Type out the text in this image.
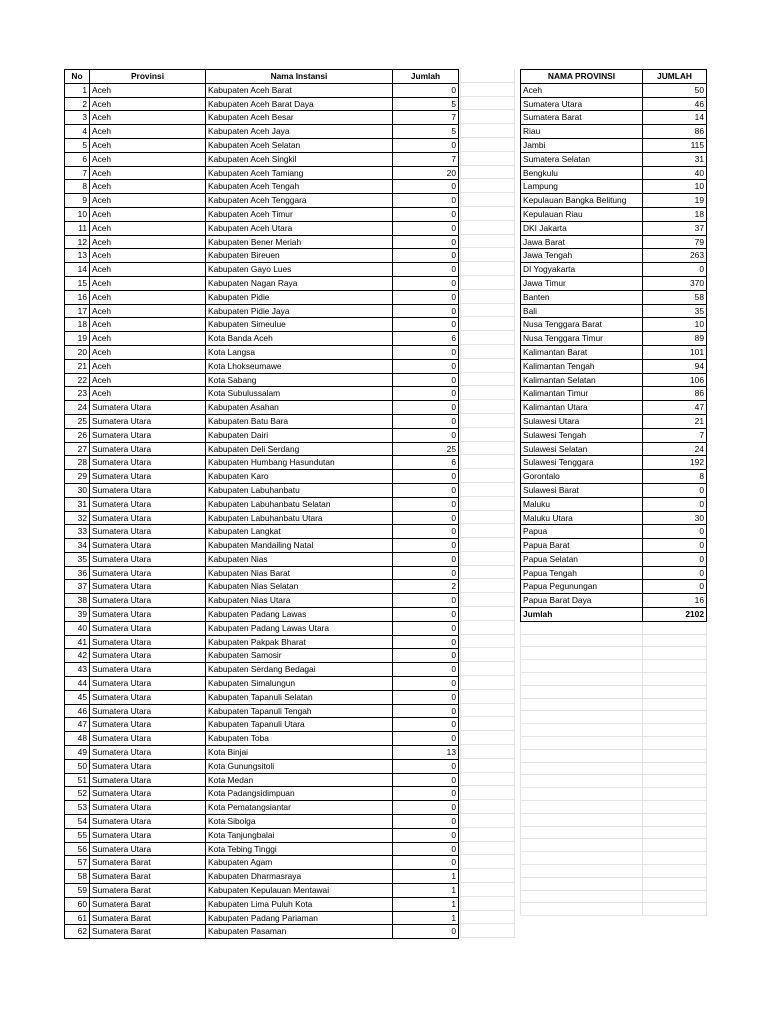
No	Provinsi	Nama Instansi	Jumlah
1	Aceh	Kabupaten Aceh Barat	0
2	Aceh	Kabupaten Aceh Barat Daya	5
3	Aceh	Kabupaten Aceh Besar	7
4	Aceh	Kabupaten Aceh Jaya	5
5	Aceh	Kabupaten Aceh Selatan	0
6	Aceh	Kabupaten Aceh Singkil	7
7	Aceh	Kabupaten Aceh Tamiang	20
8	Aceh	Kabupaten Aceh Tengah	0
9	Aceh	Kabupaten Aceh Tenggara	0
10	Aceh	Kabupaten Aceh Timur	0
11	Aceh	Kabupaten Aceh Utara	0
12	Aceh	Kabupaten Bener Meriah	0
13	Aceh	Kabupaten Bireuen	0
14	Aceh	Kabupaten Gayo Lues	0
15	Aceh	Kabupaten Nagan Raya	0
16	Aceh	Kabupaten Pidie	0
17	Aceh	Kabupaten Pidie Jaya	0
18	Aceh	Kabupaten Simeulue	0
19	Aceh	Kota Banda Aceh	6
20	Aceh	Kota Langsa	0
21	Aceh	Kota Lhokseumawe	0
22	Aceh	Kota Sabang	0
23	Aceh	Kota Subulussalam	0
24	Sumatera Utara	Kabupaten Asahan	0
25	Sumatera Utara	Kabupaten Batu Bara	0
26	Sumatera Utara	Kabupaten Dairi	0
27	Sumatera Utara	Kabupaten Deli Serdang	25
28	Sumatera Utara	Kabupaten Humbang Hasundutan	6
29	Sumatera Utara	Kabupaten Karo	0
30	Sumatera Utara	Kabupaten Labuhanbatu	0
31	Sumatera Utara	Kabupaten Labuhanbatu Selatan	0
32	Sumatera Utara	Kabupaten Labuhanbatu Utara	0
33	Sumatera Utara	Kabupaten Langkat	0
34	Sumatera Utara	Kabupaten Mandailing Natal	0
35	Sumatera Utara	Kabupaten Nias	0
36	Sumatera Utara	Kabupaten Nias Barat	0
37	Sumatera Utara	Kabupaten Nias Selatan	2
38	Sumatera Utara	Kabupaten Nias Utara	0
39	Sumatera Utara	Kabupaten Padang Lawas	0
40	Sumatera Utara	Kabupaten Padang Lawas Utara	0
41	Sumatera Utara	Kabupaten Pakpak Bharat	0
42	Sumatera Utara	Kabupaten Samosir	0
43	Sumatera Utara	Kabupaten Serdang Bedagai	0
44	Sumatera Utara	Kabupaten Simalungun	0
45	Sumatera Utara	Kabupaten Tapanuli Selatan	0
46	Sumatera Utara	Kabupaten Tapanuli Tengah	0
47	Sumatera Utara	Kabupaten Tapanuli Utara	0
48	Sumatera Utara	Kabupaten Toba	0
49	Sumatera Utara	Kota Binjai	13
50	Sumatera Utara	Kota Gunungsitoli	0
51	Sumatera Utara	Kota Medan	0
52	Sumatera Utara	Kota Padangsidimpuan	0
53	Sumatera Utara	Kota Pematangsiantar	0
54	Sumatera Utara	Kota Sibolga	0
55	Sumatera Utara	Kota Tanjungbalai	0
56	Sumatera Utara	Kota Tebing Tinggi	0
57	Sumatera Barat	Kabupaten Agam	0
58	Sumatera Barat	Kabupaten Dharmasraya	1
59	Sumatera Barat	Kabupaten Kepulauan Mentawai	1
60	Sumatera Barat	Kabupaten Lima Puluh Kota	1
61	Sumatera Barat	Kabupaten Padang Pariaman	1
62	Sumatera Barat	Kabupaten Pasaman	0
NAMA PROVINSI	JUMLAH
Aceh	50
Sumatera Utara	46
Sumatera Barat	14
Riau	86
Jambi	115
Sumatera Selatan	31
Bengkulu	40
Lampung	10
Kepulauan Bangka Belitung	19
Kepulauan Riau	18
DKI Jakarta	37
Jawa Barat	79
Jawa Tengah	263
DI Yogyakarta	0
Jawa Timur	370
Banten	58
Bali	35
Nusa Tenggara Barat	10
Nusa Tenggara Timur	89
Kalimantan Barat	101
Kalimantan Tengah	94
Kalimantan Selatan	106
Kalimantan Timur	86
Kalimantan Utara	47
Sulawesi Utara	21
Sulawesi Tengah	7
Sulawesi Selatan	24
Sulawesi Tenggara	192
Gorontalo	8
Sulawesi Barat	0
Maluku	0
Maluku Utara	30
Papua	0
Papua Barat	0
Papua Selatan	0
Papua Tengah	0
Papua Pegunungan	0
Papua Barat Daya	16
Jumlah	2102
